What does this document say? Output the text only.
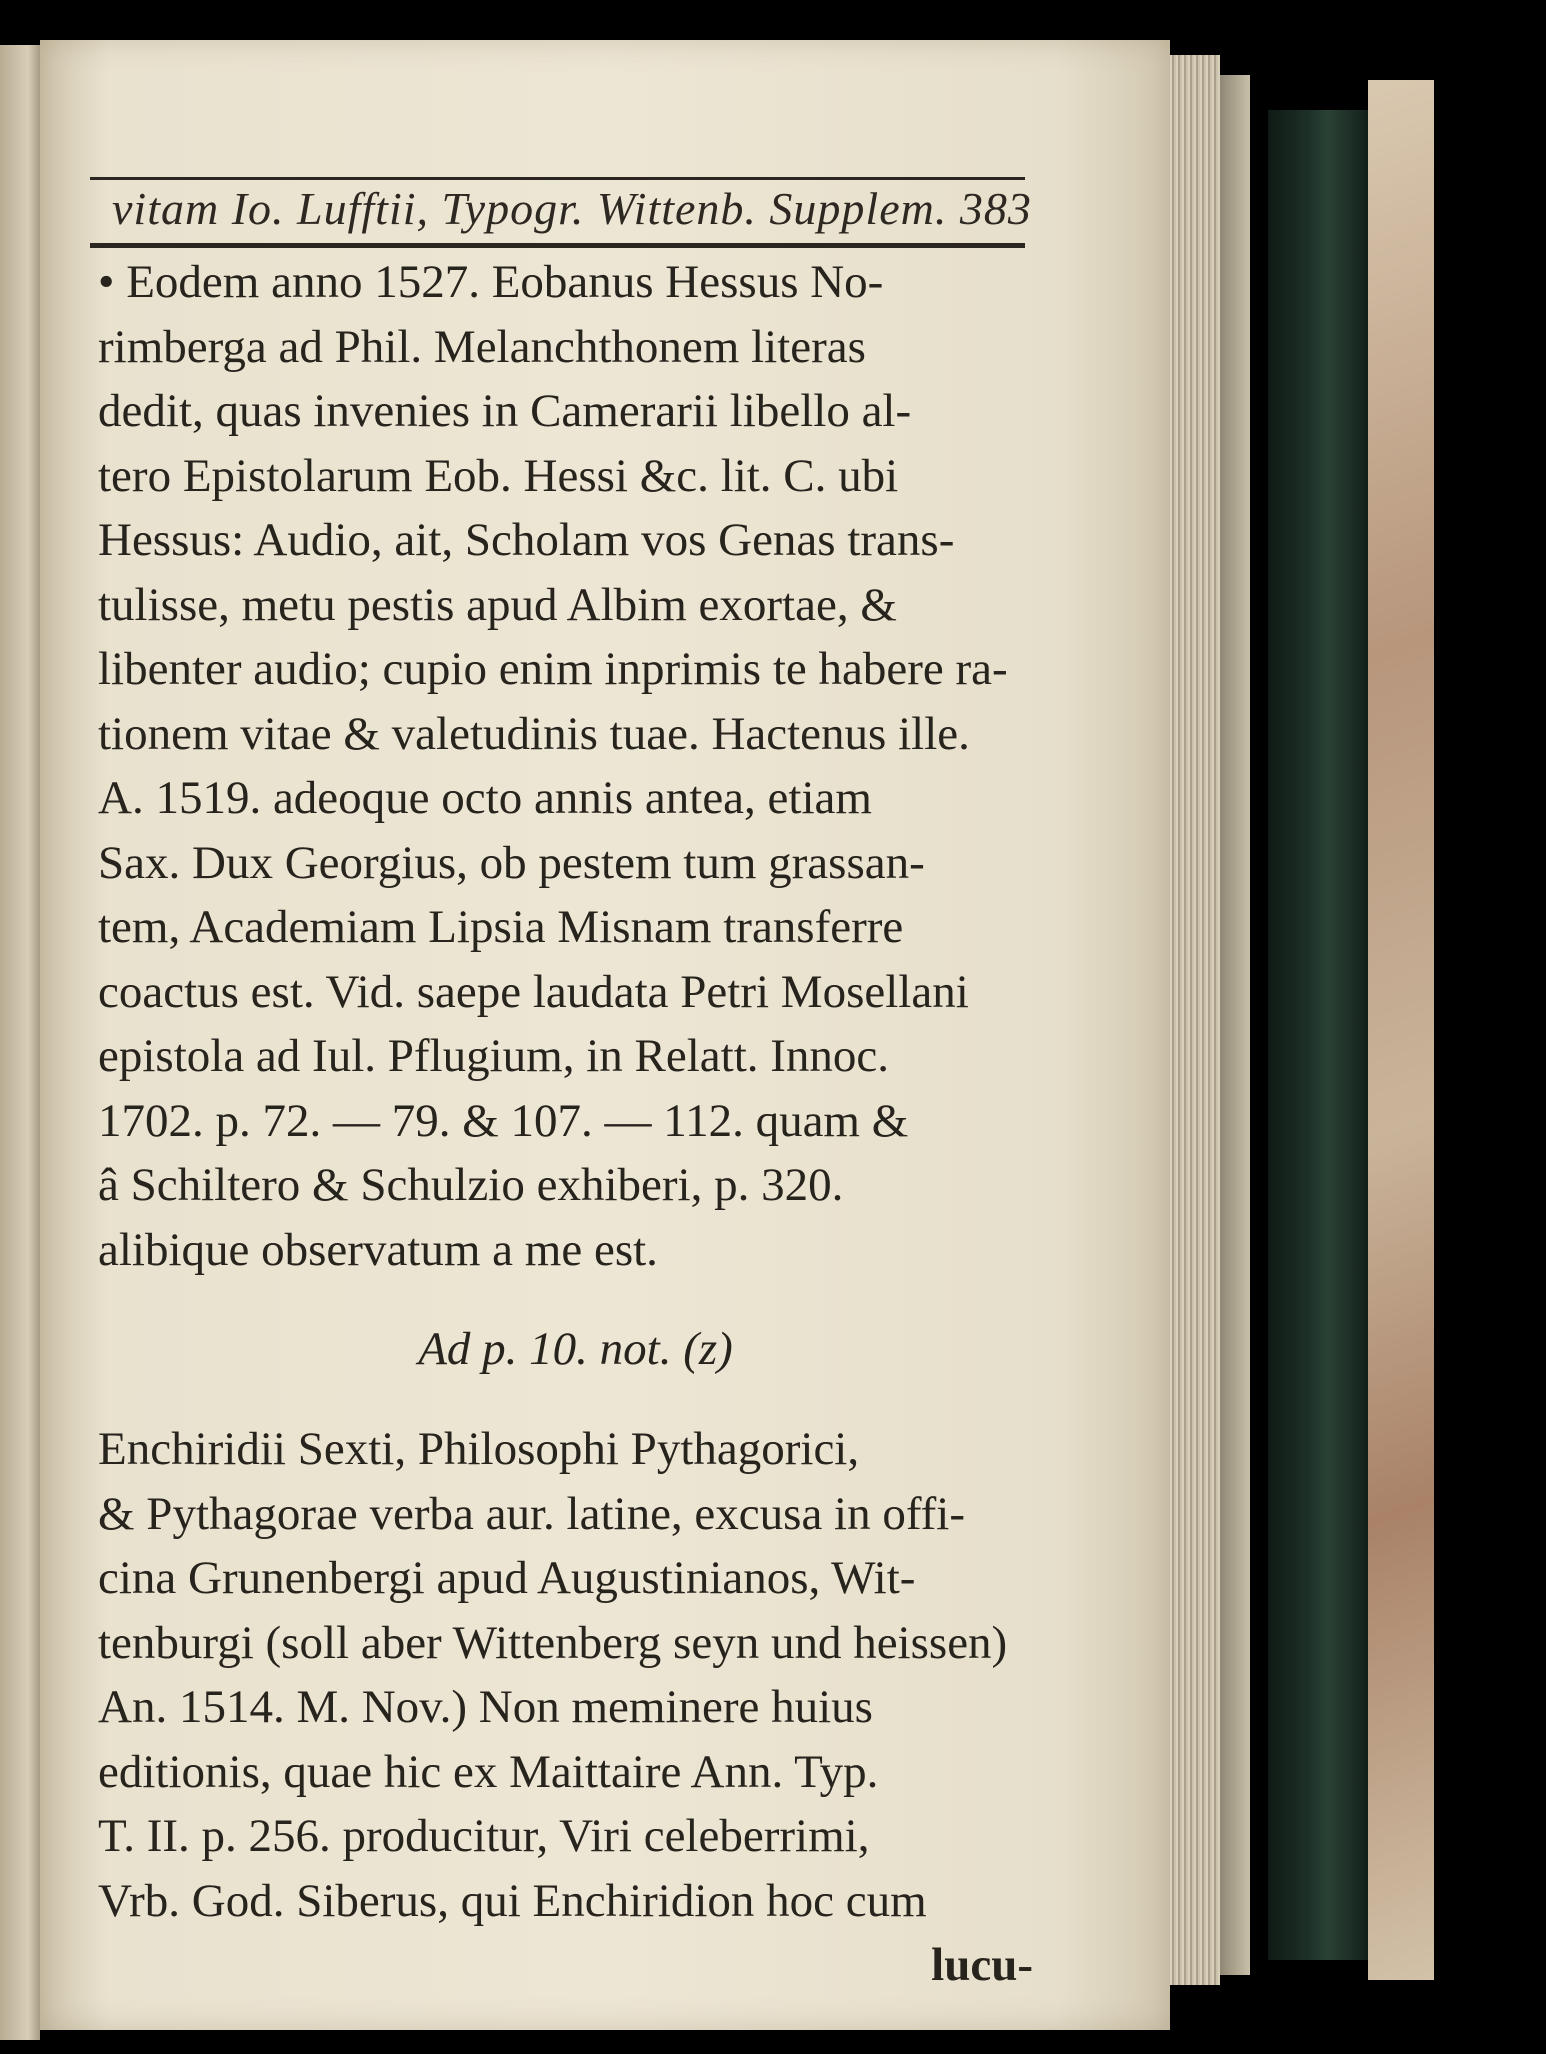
vitam Io. Lufftii, Typogr. Wittenb. Supplem. 383
• Eodem anno 1527. Eobanus Hessus No-
rimberga ad Phil. Melanchthonem literas
dedit, quas invenies in Camerarii libello al-
tero Epistolarum Eob. Hessi &c. lit. C. ubi
Hessus: Audio, ait, Scholam vos Genas trans-
tulisse, metu pestis apud Albim exortae, &
libenter audio; cupio enim inprimis te habere ra-
tionem vitae & valetudinis tuae. Hactenus ille.
A. 1519. adeoque octo annis antea, etiam
Sax. Dux Georgius, ob pestem tum grassan-
tem, Academiam Lipsia Misnam transferre
coactus est. Vid. saepe laudata Petri Mosellani
epistola ad Iul. Pflugium, in Relatt. Innoc.
1702. p. 72. — 79. & 107. — 112. quam &
â Schiltero & Schulzio exhiberi, p. 320.
alibique observatum a me est.
Ad p. 10. not. (z)
Enchiridii Sexti, Philosophi Pythagorici,
& Pythagorae verba aur. latine, excusa in offi-
cina Grunenbergi apud Augustinianos, Wit-
tenburgi (soll aber Wittenberg seyn und heissen)
An. 1514. M. Nov.) Non meminere huius
editionis, quae hic ex Maittaire Ann. Typ.
T. II. p. 256. producitur, Viri celeberrimi,
Vrb. God. Siberus, qui Enchiridion hoc cum
lucu-
